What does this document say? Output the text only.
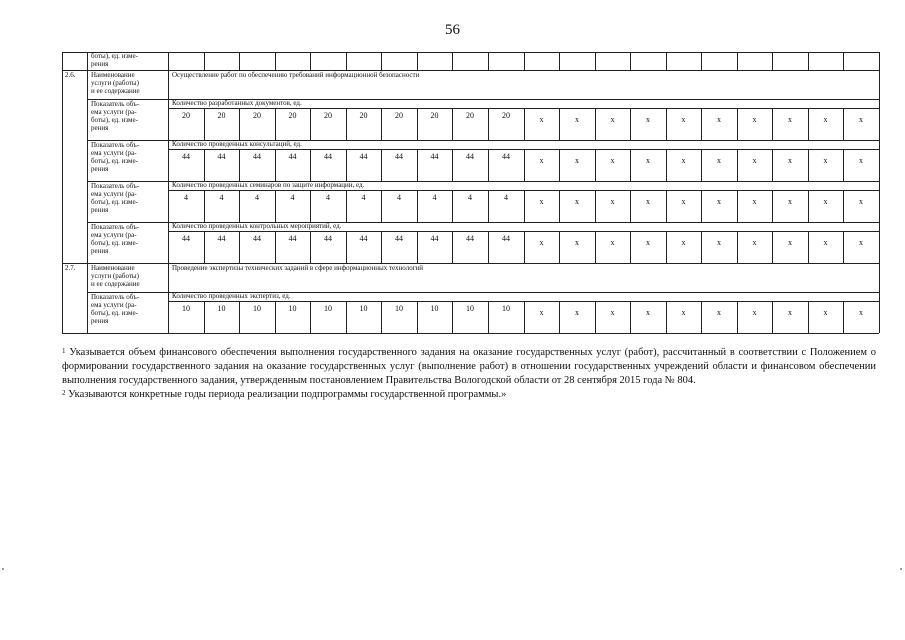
56
боты), ед. изме-
рения
2.6. Наименование
услуги (работы)
и ее содержание
Осуществление работ по обеспечению требований информационной безопасности
Показатель объ-
ема услуги (ра-
боты), ед. изме-
рения
Количество разработанных документов, ед.
20	20	20	20	20	20	20	20	20	20	х	х	х	х	х	х	х	х	х	х
Показатель объ-
ема услуги (ра-
боты), ед. изме-
рения
Количество проведенных консультаций, ед.
44	44	44	44	44	44	44	44	44	44	х	х	х	х	х	х	х	х	х	х
Показатель объ-
ема услуги (ра-
боты), ед. изме-
рения
Количество проведенных семинаров по защите информации, ед.
4	4	4	4	4	4	4	4	4	4	х	х	х	х	х	х	х	х	х	х
Показатель объ-
ема услуги (ра-
боты), ед. изме-
рения
Количество проведенных контрольных мероприятий, ед.
44	44	44	44	44	44	44	44	44	44	х	х	х	х	х	х	х	х	х	х
2.7. Наименование
услуги (работы)
и ее содержание
Проведение экспертизы технических заданий в сфере информационных технологий
Показатель объ-
ема услуги (ра-
боты), ед. изме-
рения
Количество проведенных экспертиз, ед.
10	10	10	10	10	10	10	10	10	10	х	х	х	х	х	х	х	х	х	х

$^1$ Указывается объем финансового обеспечения выполнения государственного задания на оказание государственных услуг (работ), рассчитанный в соответствии с Положением о формировании государственного задания на оказание государственных услуг (выполнение работ) в отношении государственных учреждений области и финансовом обеспечении выполнения государственного задания, утвержденным постановлением Правительства Вологодской области от 28 сентября 2015 года № 804.

$^2$ Указываются конкретные годы периода реализации подпрограммы государственной программы.»
